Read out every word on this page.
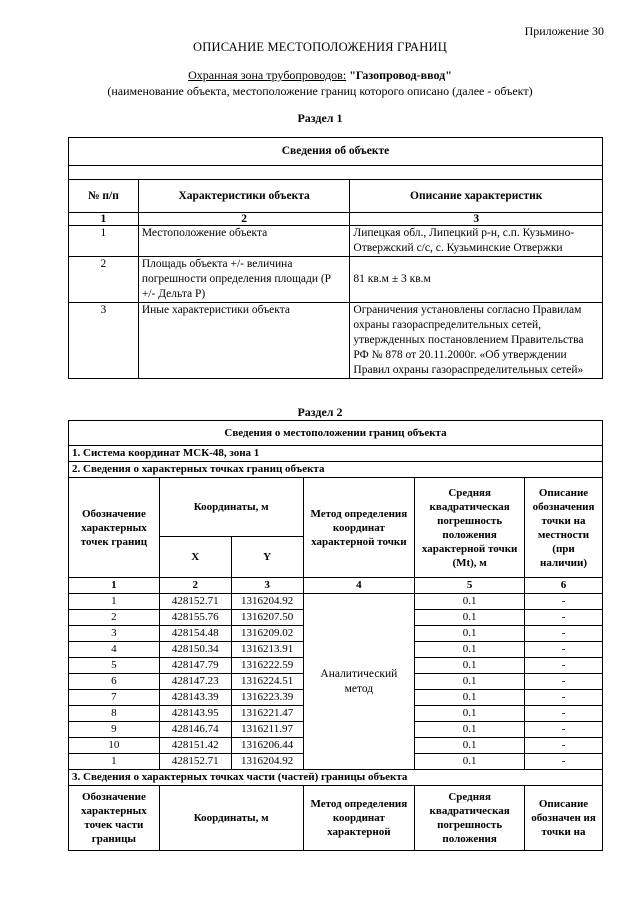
Приложение 30
ОПИСАНИЕ МЕСТОПОЛОЖЕНИЯ ГРАНИЦ
Охранная зона трубопроводов: "Газопровод-ввод"
(наименование объекта, местоположение границ которого описано (далее - объект)
Раздел 1
Сведения об объекте		

№ п/п	Характеристики объекта	Описание характеристик
1	2	3
1	Местоположение объекта	Липецкая обл., Липецкий р-н, с.п. Кузьмино-Отвержский с/с, с. Кузьминские Отвержки
2	Площадь объекта +/- величина погрешности определения площади (Р +/- Дельта Р)	81 кв.м ± 3 кв.м
3	Иные характеристики объекта	Ограничения установлены согласно Правилам охраны газораспределительных сетей, утвержденных постановлением Правительства РФ № 878 от 20.11.2000г. «Об утверждении Правил охраны газораспределительных сетей»
Раздел 2
Сведения о местоположении границ объекта					
1. Система координат МСК-48, зона 1					
2. Сведения о характерных точках границ объекта					
Обозначение характерных точек границ	Координаты, м		Метод определения координат характерной точки	Средняя квадратическая погрешность положения характерной точки (Mt), м	Описание обозначения точки на местности (при наличии)
	X	Y			
1	2	3	4	5	6
1	428152.71	1316204.92	Аналитический метод	0.1	-
2	428155.76	1316207.50		0.1	-
3	428154.48	1316209.02		0.1	-
4	428150.34	1316213.91		0.1	-
5	428147.79	1316222.59		0.1	-
6	428147.23	1316224.51		0.1	-
7	428143.39	1316223.39		0.1	-
8	428143.95	1316221.47		0.1	-
9	428146.74	1316211.97		0.1	-
10	428151.42	1316206.44		0.1	-
1	428152.71	1316204.92		0.1	-
3. Сведения о характерных точках части (частей) границы объекта					
Обозначение характерных точек части границы	Координаты, м		Метод определения координат характерной	Средняя квадратическая погрешность положения	Описание обозначен ия точки на
